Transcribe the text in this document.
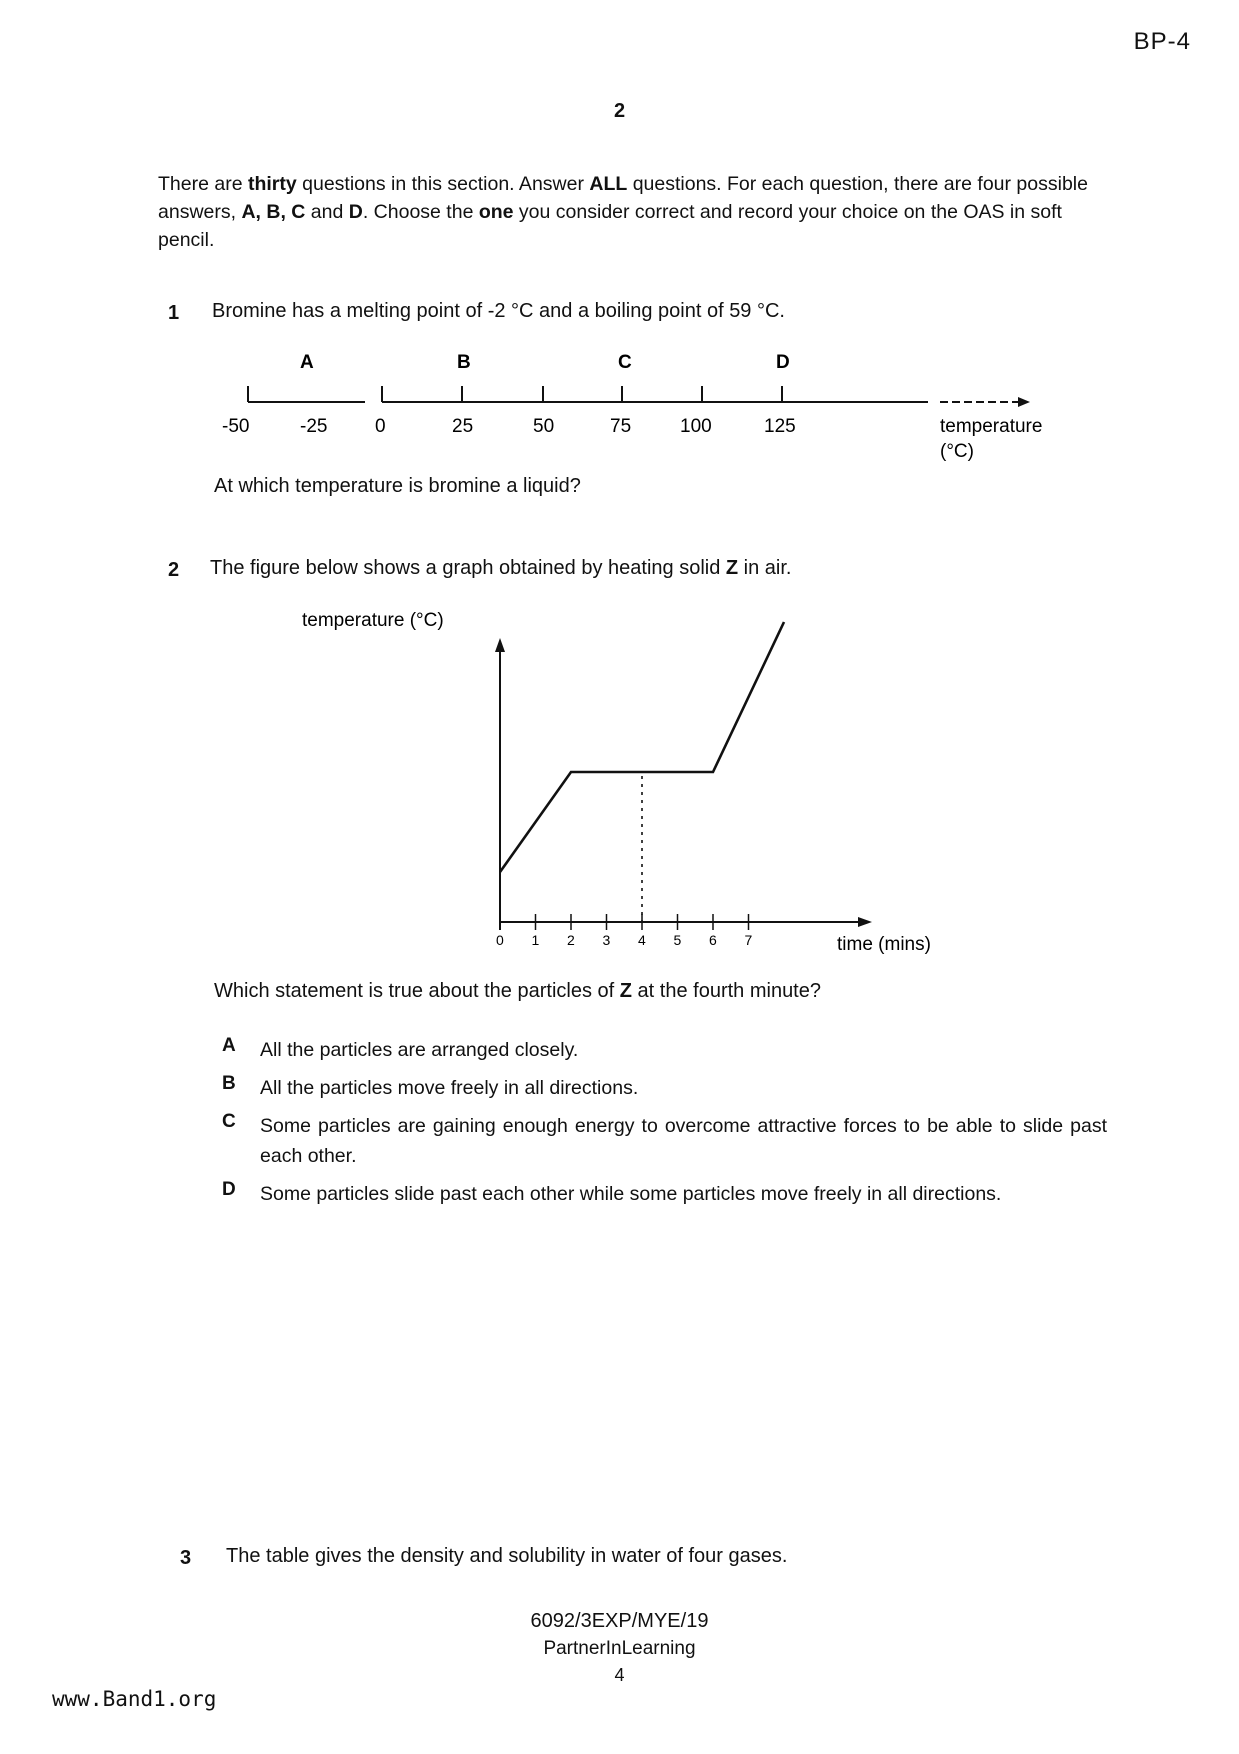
BP-4
2
There are thirty questions in this section. Answer ALL questions. For each question, there are four possible answers, A, B, C and D. Choose the one you consider correct and record your choice on the OAS in soft pencil.
1 Bromine has a melting point of -2 °C and a boiling point of 59 °C.
A	B	C	D
-50	-25	0	25	50	75	100	125	temperature
(°C)
At which temperature is bromine a liquid?
2 The figure below shows a graph obtained by heating solid Z in air.
temperature (°C)
0 1 2 3 4 5 6 7	time (mins)
Which statement is true about the particles of Z at the fourth minute?
A	All the particles are arranged closely.
B	All the particles move freely in all directions.
C	Some particles are gaining enough energy to overcome attractive forces to be able to slide past each other.
D	Some particles slide past each other while some particles move freely in all directions.
3 The table gives the density and solubility in water of four gases.
6092/3EXP/MYE/19
PartnerInLearning
4
www.Band1.org
